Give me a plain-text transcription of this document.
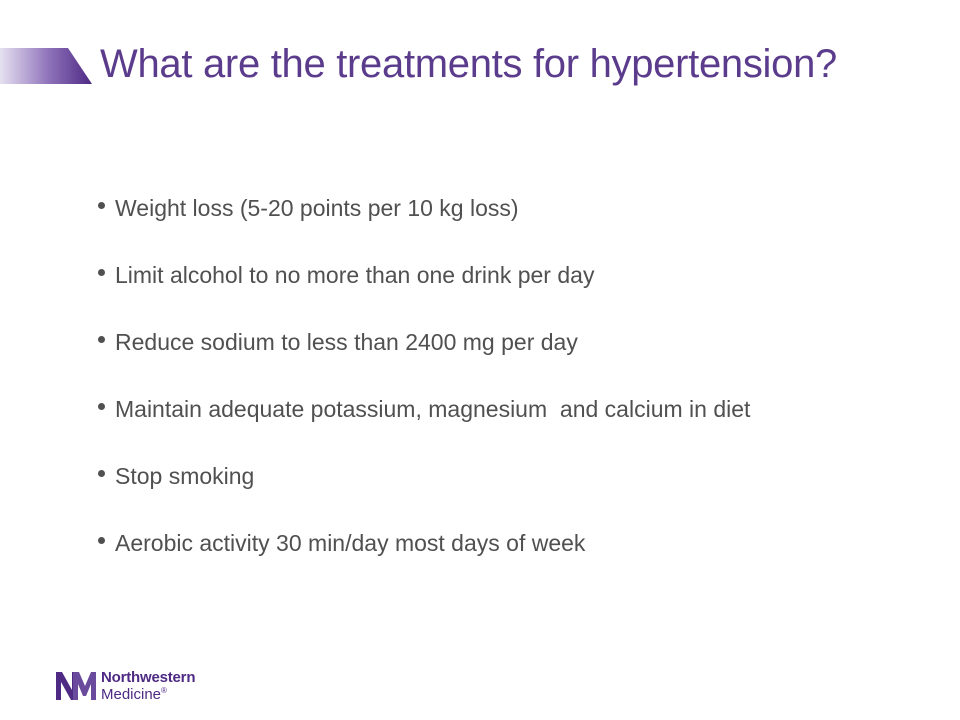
What are the treatments for hypertension?
Weight loss (5-20 points per 10 kg loss)
Limit alcohol to no more than one drink per day
Reduce sodium to less than 2400 mg per day
Maintain adequate potassium, magnesium  and calcium in diet
Stop smoking
Aerobic activity 30 min/day most days of week
Northwestern
Medicine®
